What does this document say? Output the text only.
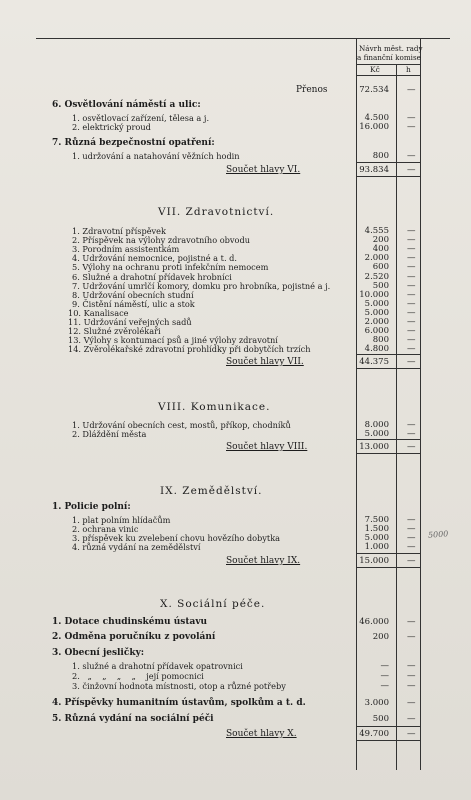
Návrh měst. rady
a finanční komise
Kč	h
Přenos	72.534 —
6. Osvětlování náměstí a ulic:
1. osvětlovací zařízení, tělesa a j.	4.500 —
2. elektrický proud	16.000 —
7. Různá bezpečnostní opatření:
1. udržování a natahování věžních hodin	800 —
Součet hlavy VI.	93.834 —
VII. Zdravotnictví.
1. Zdravotní příspěvek	4.555 —
2. Příspěvek na výlohy zdravotního obvodu	200 —
3. Porodním assistentkám	400 —
4. Udržování nemocnice, pojistné a t. d.	2.000 —
5. Výlohy na ochranu proti infekčním nemocem	600 —
6. Služné a drahotní přídavek hrobníci	2.520 —
7. Udržování umrlčí komory, domku pro hrobníka, pojistné a j.	500 —
8. Udržování obecních studní	10.000 —
9. Čistění náměstí, ulic a stok	5.000 —
10. Kanalisace	5.000 —
11. Udržování veřejných sadů	2.000 —
12. Služné zvěrolékaři	6.000 —
13. Výlohy s kontumací psů a jiné výlohy zdravotní	800 —
14. Zvěrolékařské zdravotní prohlídky při dobytčích trzích	4.800 —
Součet hlavy VII.	44.375 —
VIII. Komunikace.
1. Udržování obecních cest, mostů, příkop, chodníků	8.000 —
2. Dláždění města	5.000 —
Součet hlavy VIII.	13.000 —
IX. Zemědělství.
1. Policie polní:
1. plat polním hlídačům	7.500 —
2. ochrana vinic	1.500 —
3. příspěvek ku zvelebení chovu hovězího dobytka	5.000 —
4. různá vydání na zemědělství	1.000 —
Součet hlavy IX.	15.000 —
5000
X. Sociální péče.
1. Dotace chudinskému ústavu	46.000 —
2. Odměna poručníku z povolání	200 —
3. Obecní jesličky:
1. služné a drahotní přídavek opatrovnici	— —
2.   „    „    „    „    její pomocnici	— —
3. činžovní hodnota místnosti, otop a různé potřeby	— —
4. Příspěvky humanitním ústavům, spolkům a t. d.	3.000 —
5. Různá vydání na sociální péči	500 —
Součet hlavy X.	49.700 —
